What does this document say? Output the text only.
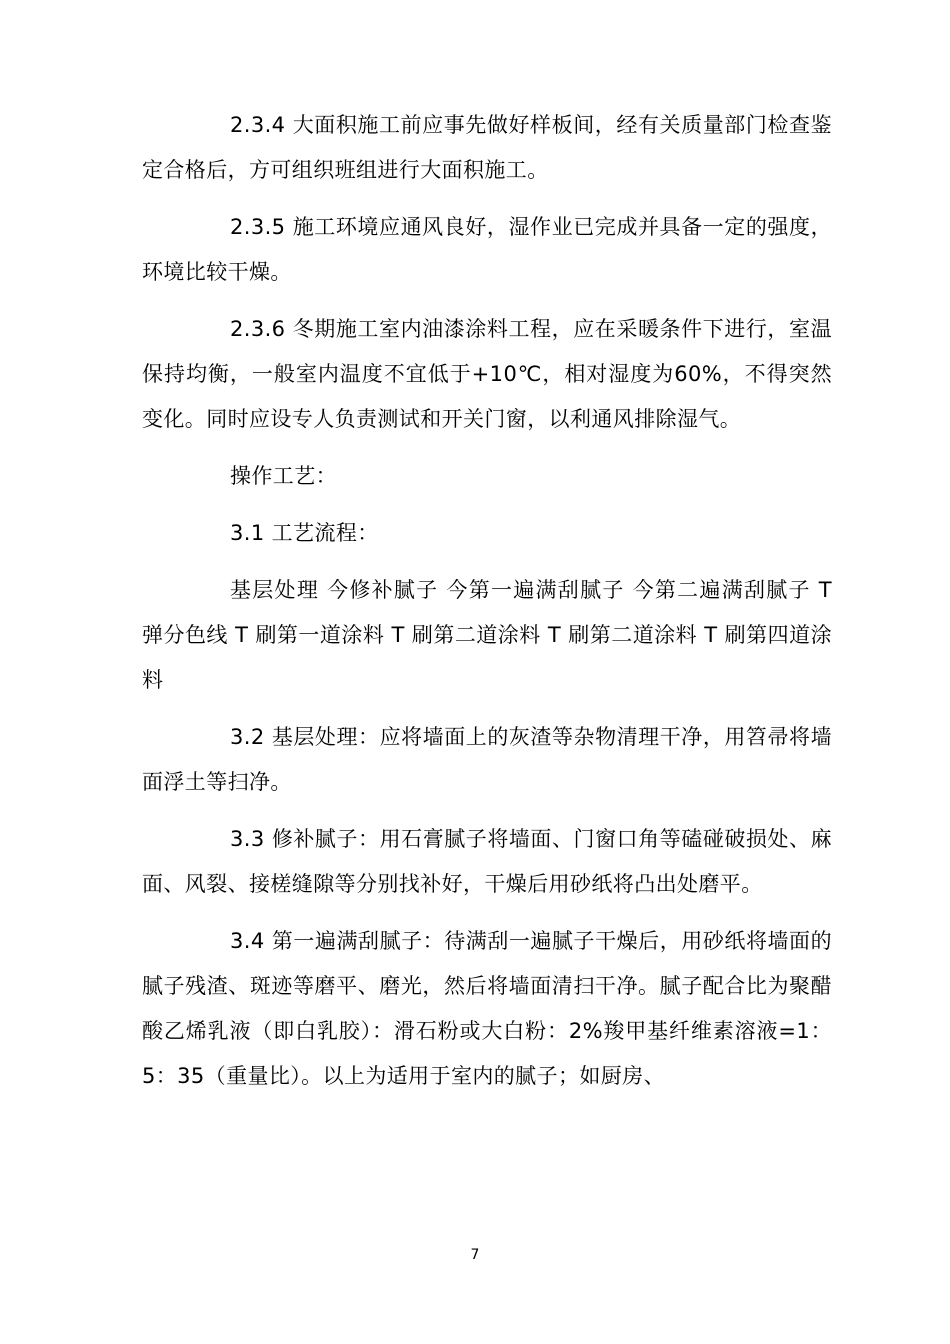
2.3.4 大面积施工前应事先做好样板间，经有关质量部门检查鉴定合格后，方可组织班组进行大面积施工。

2.3.5 施工环境应通风良好，湿作业已完成并具备一定的强度，环境比较干燥。

2.3.6 冬期施工室内油漆涂料工程，应在采暖条件下进行，室温保持均衡，一般室内温度不宜低于+10℃，相对湿度为60%，不得突然变化。同时应设专人负责测试和开关门窗，以利通风排除湿气。

操作工艺：

3.1 工艺流程：

基层处理 今修补腻子 今第一遍满刮腻子 今第二遍满刮腻子 T 弹分色线 T 刷第一道涂料 T 刷第二道涂料 T 刷第二道涂料 T 刷第四道涂料

3.2 基层处理：应将墙面上的灰渣等杂物清理干净，用笤帚将墙面浮土等扫净。

3.3 修补腻子：用石膏腻子将墙面、门窗口角等磕碰破损处、麻面、风裂、接槎缝隙等分别找补好，干燥后用砂纸将凸出处磨平。

3.4 第一遍满刮腻子：待满刮一遍腻子干燥后，用砂纸将墙面的腻子残渣、斑迹等磨平、磨光，然后将墙面清扫干净。腻子配合比为聚醋酸乙烯乳液（即白乳胶）：滑石粉或大白粉：2%羧甲基纤维素溶液=1：5：35（重量比）。以上为适用于室内的腻子；如厨房、

7
